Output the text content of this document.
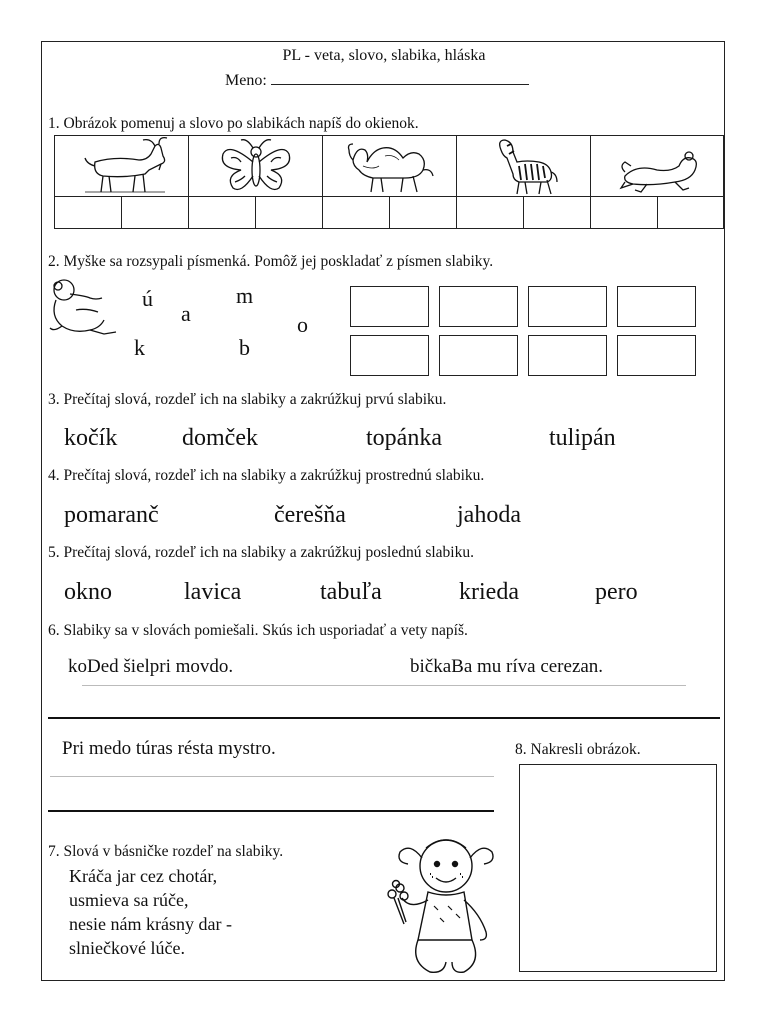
PL - veta, slovo, slabika, hláska
Meno:
1. Obrázok pomenuj a slovo po slabikách napíš do okienok.
2. Myške sa rozsypali písmenká. Pomôž jej poskladať z písmen slabiky.
ú	m
a	o
k	b
3. Prečítaj slová, rozdeľ ich na slabiky a zakrúžkuj prvú slabiku.
kočík	domček	topánka	tulipán
4. Prečítaj slová, rozdeľ ich na slabiky a zakrúžkuj prostrednú slabiku.
pomaranč	čerešňa	jahoda
5. Prečítaj slová, rozdeľ ich na slabiky a zakrúžkuj poslednú slabiku.
okno	lavica	tabuľa	krieda	pero
6. Slabiky sa v slovách pomiešali. Skús ich usporiadať a vety napíš.
koDed šielpri movdo.	bičkaBa mu ríva cerezan.
Pri medo túras résta mystro.	8. Nakresli obrázok.
7. Slová v básničke rozdeľ na slabiky.
Kráča jar cez chotár,
usmieva sa rúče,
nesie nám krásny dar -
slniečkové lúče.
